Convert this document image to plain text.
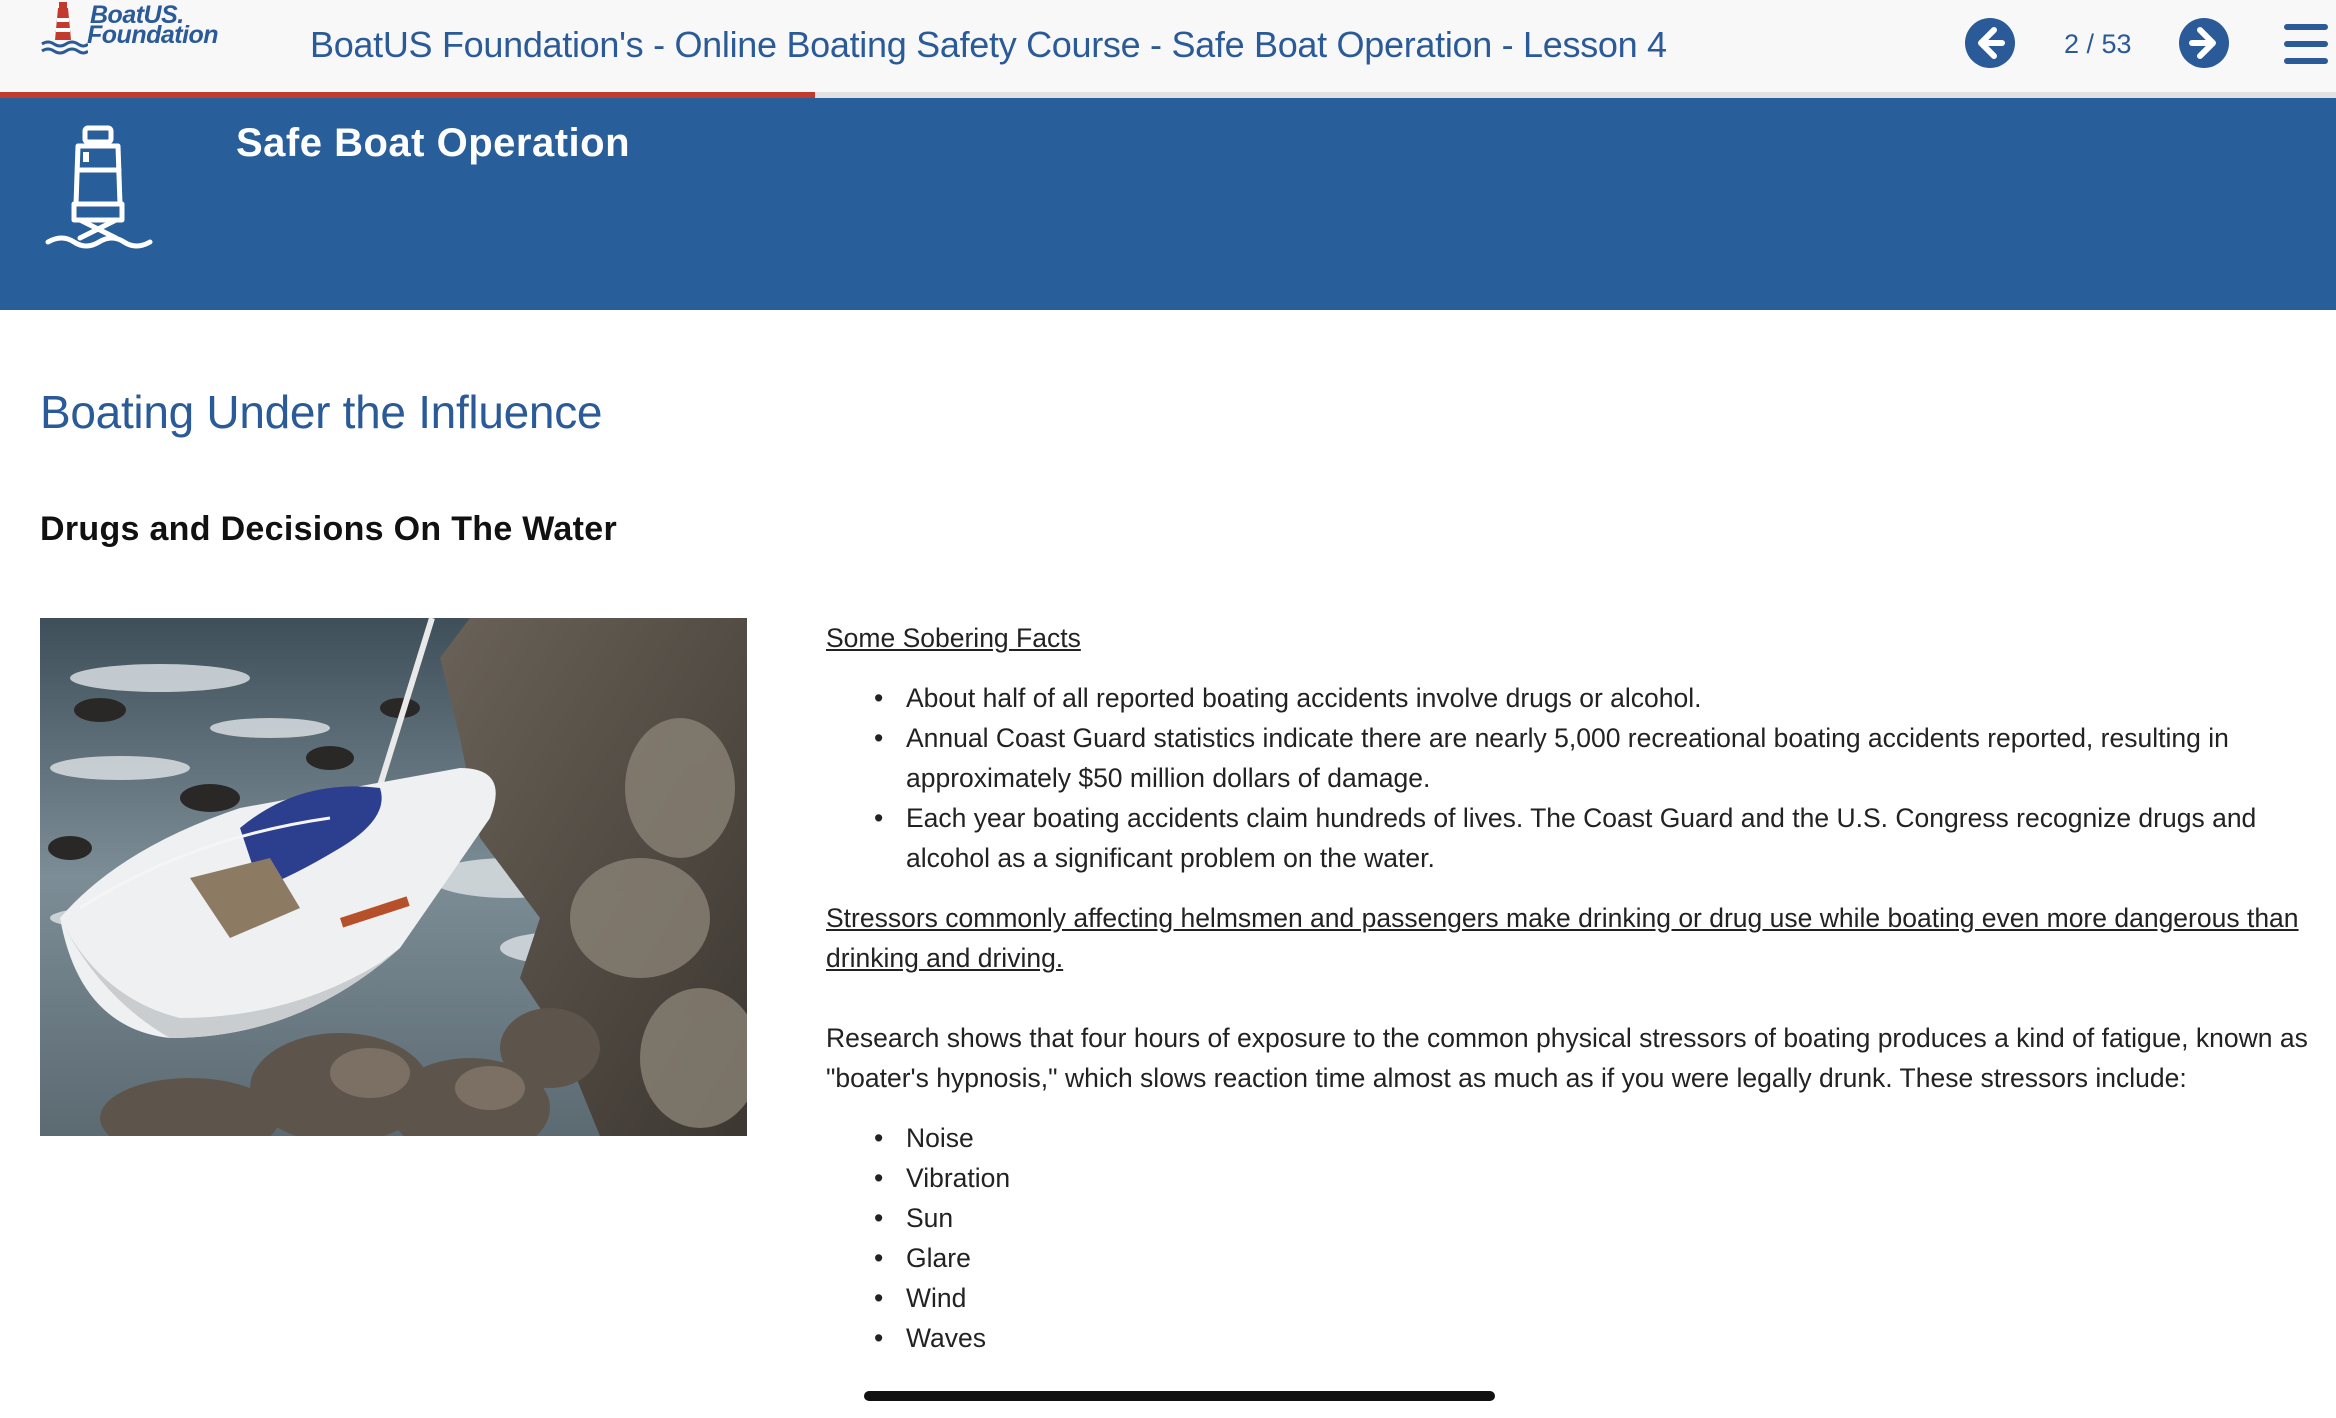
BoatUS.
Foundation	BoatUS Foundation's - Online Boating Safety Course - Safe Boat Operation - Lesson 4	2 / 53
Safe Boat Operation
Boating Under the Influence
Drugs and Decisions On The Water
Some Sobering Facts
• About half of all reported boating accidents involve drugs or alcohol.
• Annual Coast Guard statistics indicate there are nearly 5,000 recreational boating accidents reported, resulting in approximately $50 million dollars of damage.
• Each year boating accidents claim hundreds of lives. The Coast Guard and the U.S. Congress recognize drugs and alcohol as a significant problem on the water.
Stressors commonly affecting helmsmen and passengers make drinking or drug use while boating even more dangerous than drinking and driving.
Research shows that four hours of exposure to the common physical stressors of boating produces a kind of fatigue, known as "boater's hypnosis," which slows reaction time almost as much as if you were legally drunk. These stressors include:
• Noise
• Vibration
• Sun
• Glare
• Wind
• Waves
